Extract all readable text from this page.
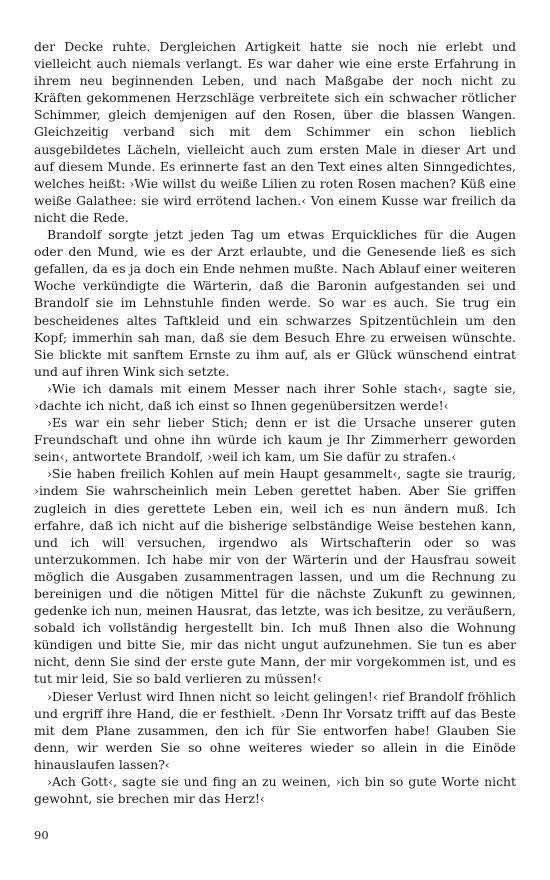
der Decke ruhte. Dergleichen Artigkeit hatte sie noch nie erlebt und vielleicht auch niemals verlangt. Es war daher wie eine erste Erfahrung in ihrem neu beginnenden Leben, und nach Maßgabe der noch nicht zu Kräften gekommenen Herzschläge verbreitete sich ein schwacher rötlicher Schimmer, gleich demjenigen auf den Rosen, über die blassen Wangen. Gleichzeitig verband sich mit dem Schimmer ein schon lieblich ausgebildetes Lächeln, vielleicht auch zum ersten Male in dieser Art und auf diesem Munde. Es erinnerte fast an den Text eines alten Sinngedichtes, welches heißt: ›Wie willst du weiße Lilien zu roten Rosen machen? Küß eine weiße Galathee: sie wird errötend lachen.‹ Von einem Kusse war freilich da nicht die Rede.

Brandolf sorgte jetzt jeden Tag um etwas Erquickliches für die Augen oder den Mund, wie es der Arzt erlaubte, und die Genesende ließ es sich gefallen, da es ja doch ein Ende nehmen mußte. Nach Ablauf einer weiteren Woche verkündigte die Wärterin, daß die Baronin aufgestanden sei und Brandolf sie im Lehnstuhle finden werde. So war es auch. Sie trug ein bescheidenes altes Taftkleid und ein schwarzes Spitzentüchlein um den Kopf; immerhin sah man, daß sie dem Besuch Ehre zu erweisen wünschte. Sie blickte mit sanftem Ernste zu ihm auf, als er Glück wünschend eintrat und auf ihren Wink sich setzte.

›Wie ich damals mit einem Messer nach ihrer Sohle stach‹, sagte sie, ›dachte ich nicht, daß ich einst so Ihnen gegenübersitzen werde!‹

›Es war ein sehr lieber Stich; denn er ist die Ursache unserer guten Freundschaft und ohne ihn würde ich kaum je Ihr Zimmerherr geworden sein‹, antwortete Brandolf, ›weil ich kam, um Sie dafür zu strafen.‹

›Sie haben freilich Kohlen auf mein Haupt gesammelt‹, sagte sie traurig, ›indem Sie wahrscheinlich mein Leben gerettet haben. Aber Sie griffen zugleich in dies gerettete Leben ein, weil ich es nun ändern muß. Ich erfahre, daß ich nicht auf die bisherige selbständige Weise bestehen kann, und ich will versuchen, irgendwo als Wirtschafterin oder so was unterzukommen. Ich habe mir von der Wärterin und der Hausfrau soweit möglich die Ausgaben zusammentragen lassen, und um die Rechnung zu bereinigen und die nötigen Mittel für die nächste Zukunft zu gewinnen, gedenke ich nun, meinen Hausrat, das letzte, was ich besitze, zu veräußern, sobald ich vollständig hergestellt bin. Ich muß Ihnen also die Wohnung kündigen und bitte Sie, mir das nicht ungut aufzunehmen. Sie tun es aber nicht, denn Sie sind der erste gute Mann, der mir vorgekommen ist, und es tut mir leid, Sie so bald verlieren zu müssen!‹

›Dieser Verlust wird Ihnen nicht so leicht gelingen!‹ rief Brandolf fröhlich und ergriff ihre Hand, die er festhielt. ›Denn Ihr Vorsatz trifft auf das Beste mit dem Plane zusammen, den ich für Sie entworfen habe! Glauben Sie denn, wir werden Sie so ohne weiteres wieder so allein in die Einöde hinauslaufen lassen?‹

›Ach Gott‹, sagte sie und fing an zu weinen, ›ich bin so gute Worte nicht gewohnt, sie brechen mir das Herz!‹

90
